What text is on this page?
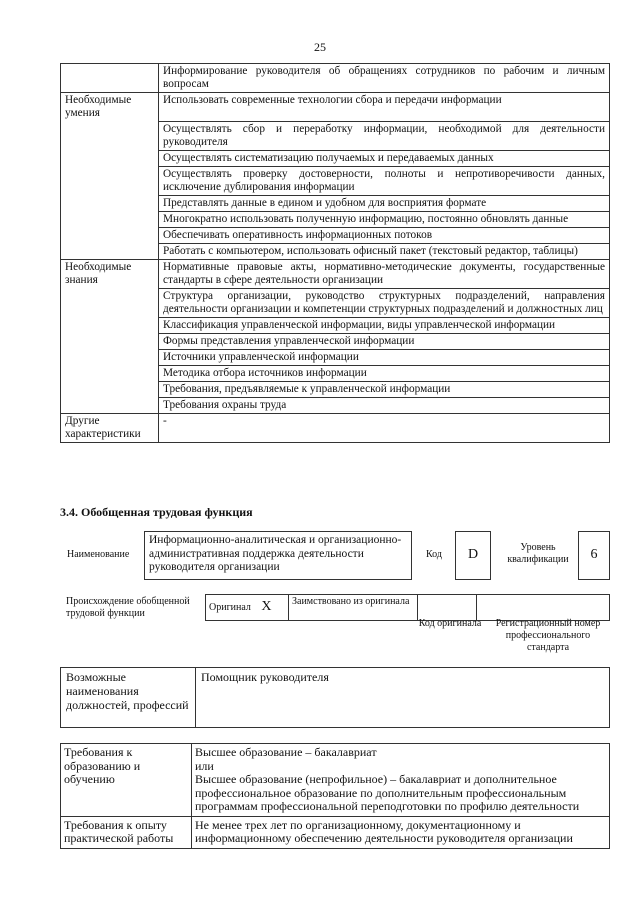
25
	Информирование руководителя об обращениях сотрудников по рабочим и личным вопросам
Необходимые умения	Использовать современные технологии сбора и передачи информации
	Осуществлять сбор и переработку информации, необходимой для деятельности руководителя
	Осуществлять систематизацию получаемых и передаваемых данных
	Осуществлять проверку достоверности, полноты и непротиворечивости данных, исключение дублирования информации
	Представлять данные в едином и удобном для восприятия формате
	Многократно использовать полученную информацию, постоянно обновлять данные
	Обеспечивать оперативность информационных потоков
	Работать с компьютером, использовать офисный пакет (текстовый редактор, таблицы)
Необходимые знания	Нормативные правовые акты, нормативно-методические документы, государственные стандарты в сфере деятельности организации
	Структура организации, руководство структурных подразделений, направления деятельности организации и компетенции структурных подразделений и должностных лиц
	Классификация управленческой информации, виды управленческой информации
	Формы представления управленческой информации
	Источники управленческой информации
	Методика отбора источников информации
	Требования, предъявляемые к управленческой информации
	Требования охраны труда
Другие характеристики	-
3.4. Обобщенная трудовая функция
Наименование
Информационно-аналитическая и организационно-административная поддержка деятельности руководителя организации
Код	D	Уровень квалификации	6
Происхождение обобщенной трудовой функции	Оригинал X	Заимствовано из оригинала		
Код оригинала	Регистрационный номер профессионального стандарта
Возможные наименования должностей, профессий	Помощник руководителя
Требования к образованию и обучению	Высшее образование – бакалавриат
или
Высшее образование (непрофильное) – бакалавриат и дополнительное профессиональное образование по дополнительным профессиональным программам профессиональной переподготовки по профилю деятельности

Требования к опыту практической работы	Не менее трех лет по организационному, документационному и информационному обеспечению деятельности руководителя организации
